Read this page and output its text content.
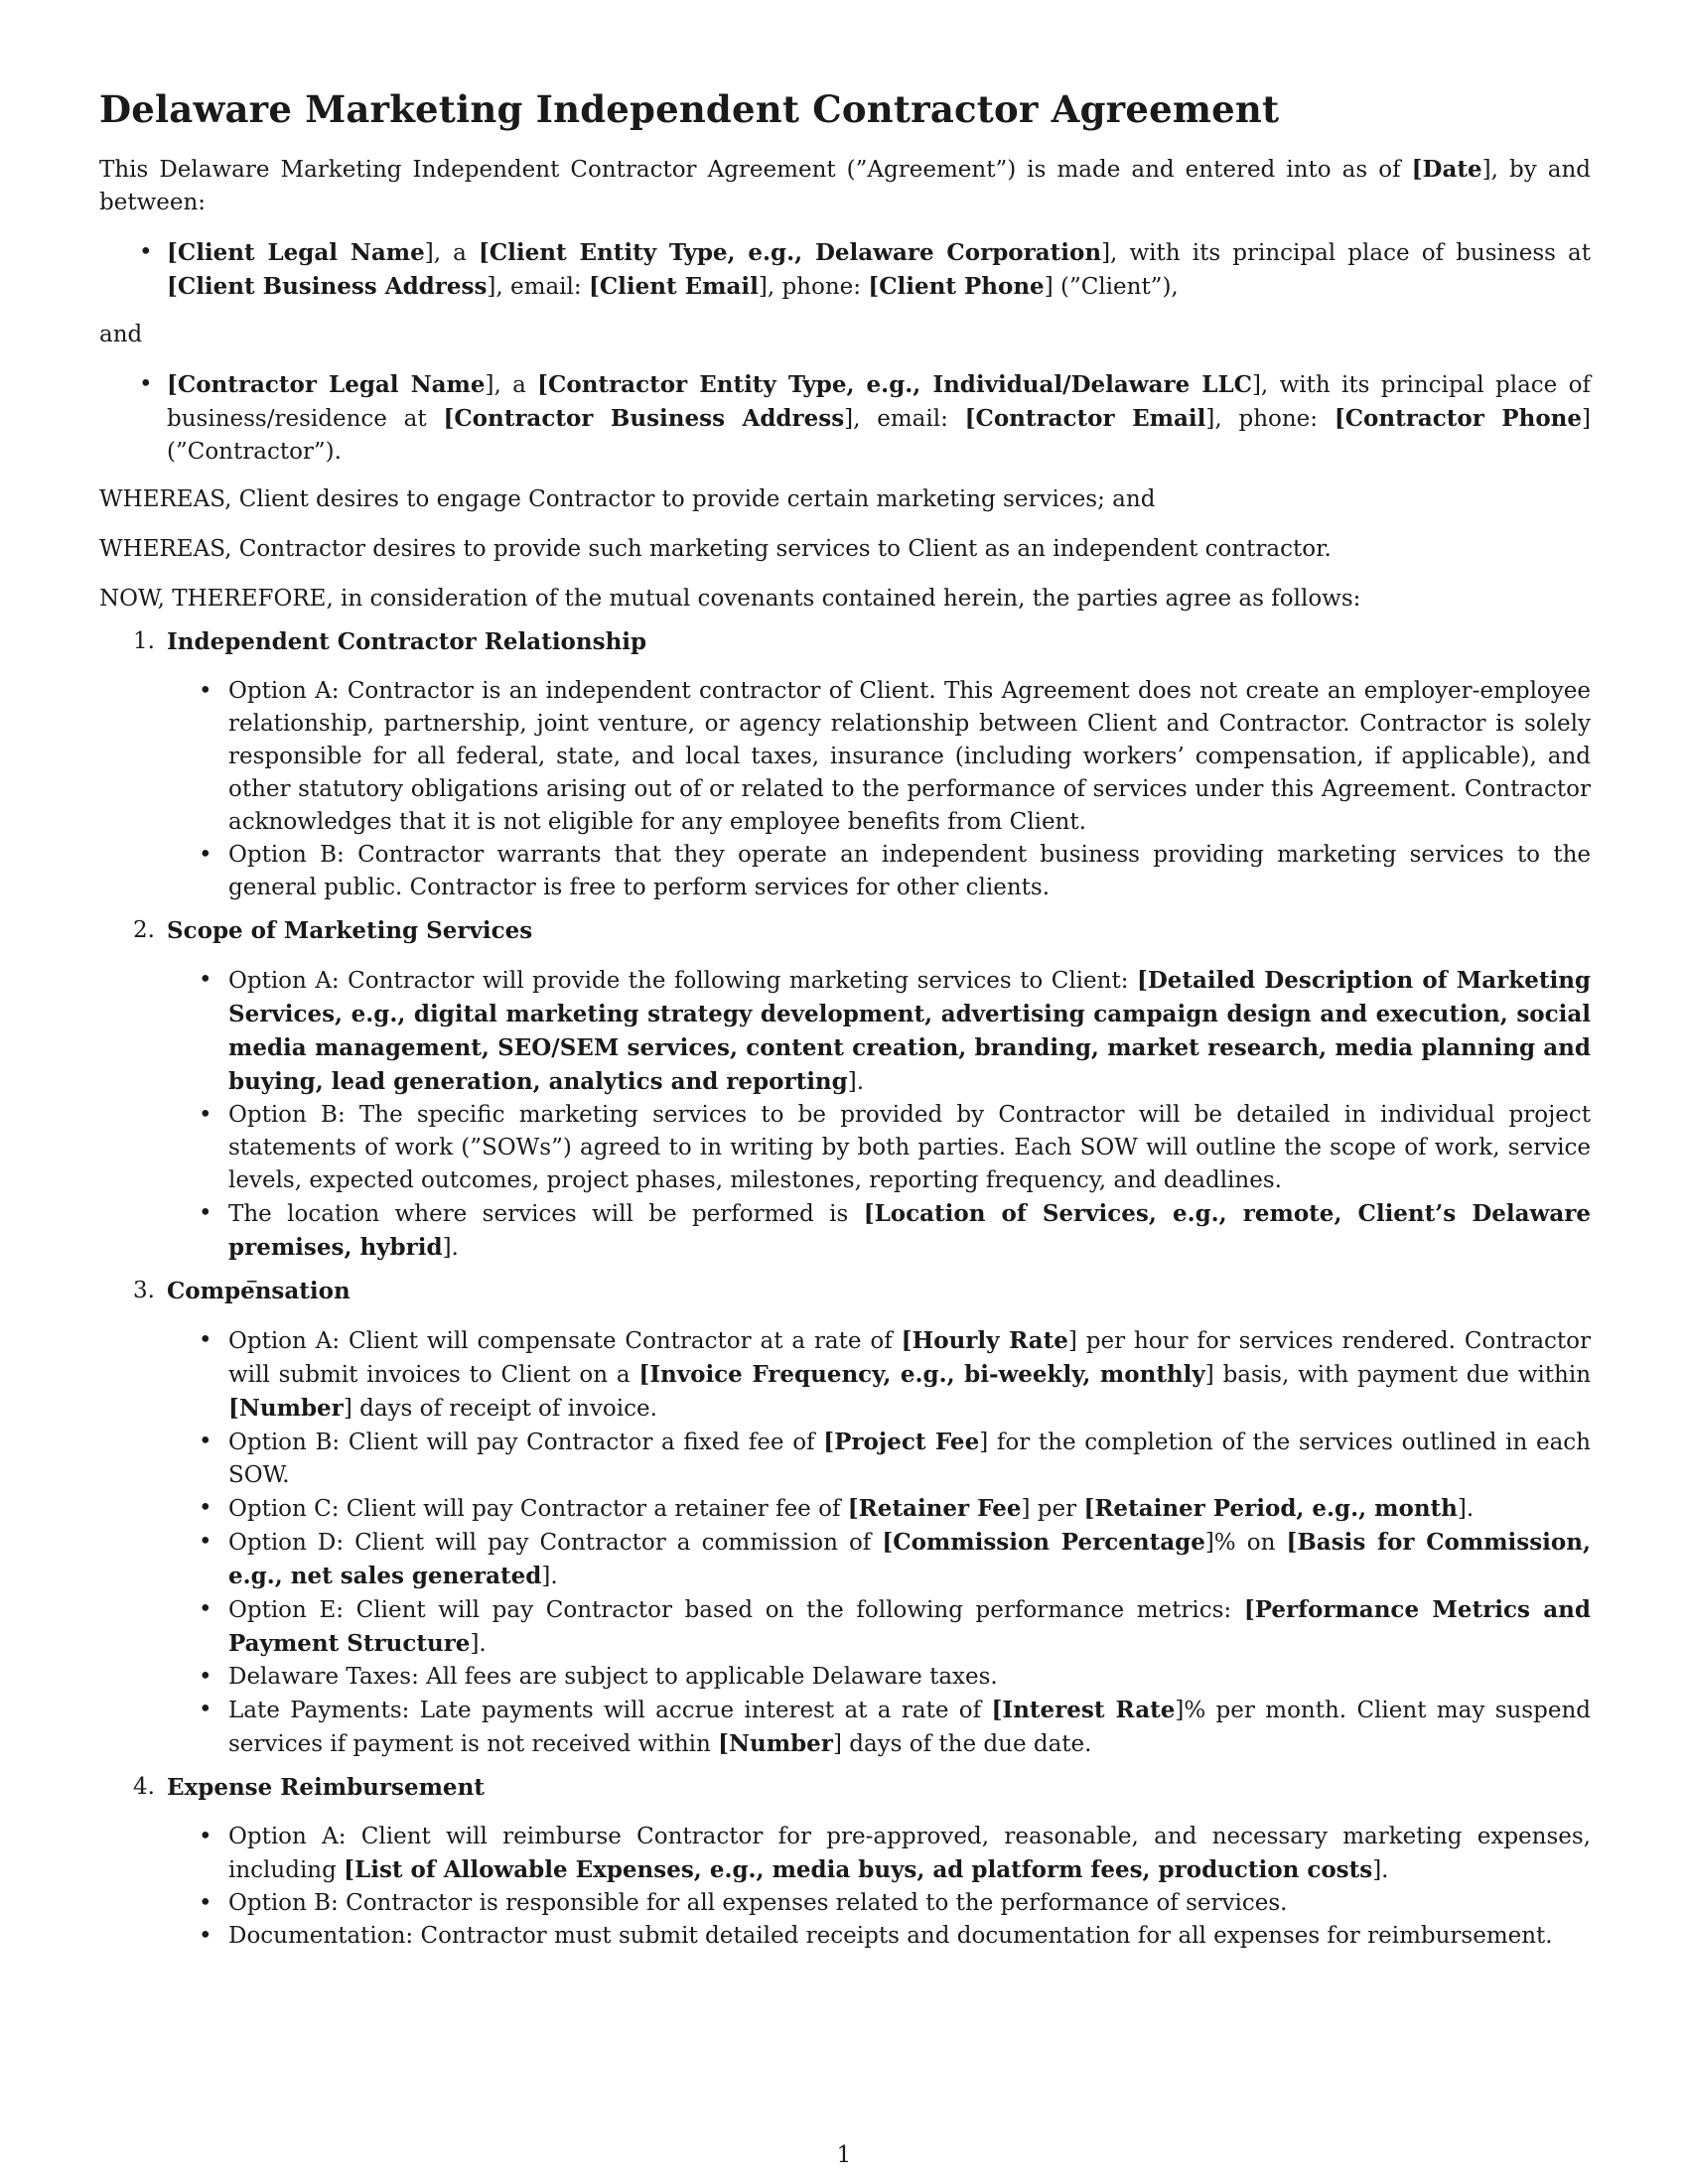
Delaware Marketing Independent Contractor Agreement

This Delaware Marketing Independent Contractor Agreement (”Agreement”) is made and entered into as of [Date], by and between:

• [Client Legal Name], a [Client Entity Type, e.g., Delaware Corporation], with its principal place of business at [Client Business Address], email: [Client Email], phone: [Client Phone] (”Client”),

and

• [Contractor Legal Name], a [Contractor Entity Type, e.g., Individual/Delaware LLC], with its principal place of business/residence at [Contractor Business Address], email: [Contractor Email], phone: [Contractor Phone] (”Contractor”).

WHEREAS, Client desires to engage Contractor to provide certain marketing services; and

WHEREAS, Contractor desires to provide such marketing services to Client as an independent contractor.

NOW, THEREFORE, in consideration of the mutual covenants contained herein, the parties agree as follows:

1. Independent Contractor Relationship
• Option A: Contractor is an independent contractor of Client. This Agreement does not create an employer-employee relationship, partnership, joint venture, or agency relationship between Client and Contractor. Contractor is solely responsible for all federal, state, and local taxes, insurance (including workers’ compensation, if applicable), and other statutory obligations arising out of or related to the performance of services under this Agreement. Contractor acknowledges that it is not eligible for any employee benefits from Client.
• Option B: Contractor warrants that they operate an independent business providing marketing services to the general public. Contractor is free to perform services for other clients.
2. Scope of Marketing Services
• Option A: Contractor will provide the following marketing services to Client: [Detailed Description of Marketing Services, e.g., digital marketing strategy development, advertising campaign design and execution, social media management, SEO/SEM services, content creation, branding, market research, media planning and buying, lead generation, analytics and reporting].
• Option B: The specific marketing services to be provided by Contractor will be detailed in individual project statements of work (”SOWs”) agreed to in writing by both parties. Each SOW will outline the scope of work, service levels, expected outcomes, project phases, milestones, reporting frequency, and deadlines.
• The location where services will be performed is [Location of Services, e.g., remote, Client’s Delaware premises, hybrid].
3. Compensation
• Option A: Client will compensate Contractor at a rate of [Hourly Rate] per hour for services rendered. Contractor will submit invoices to Client on a [Invoice Frequency, e.g., bi-weekly, monthly] basis, with payment due within [Number] days of receipt of invoice.
• Option B: Client will pay Contractor a fixed fee of [Project Fee] for the completion of the services outlined in each SOW.
• Option C: Client will pay Contractor a retainer fee of [Retainer Fee] per [Retainer Period, e.g., month].
• Option D: Client will pay Contractor a commission of [Commission Percentage]% on [Basis for Commission, e.g., net sales generated].
• Option E: Client will pay Contractor based on the following performance metrics: [Performance Metrics and Payment Structure].
• Delaware Taxes: All fees are subject to applicable Delaware taxes.
• Late Payments: Late payments will accrue interest at a rate of [Interest Rate]% per month. Client may suspend services if payment is not received within [Number] days of the due date.
4. Expense Reimbursement
• Option A: Client will reimburse Contractor for pre-approved, reasonable, and necessary marketing expenses, including [List of Allowable Expenses, e.g., media buys, ad platform fees, production costs].
• Option B: Contractor is responsible for all expenses related to the performance of services.
• Documentation: Contractor must submit detailed receipts and documentation for all expenses for reimbursement.
1
